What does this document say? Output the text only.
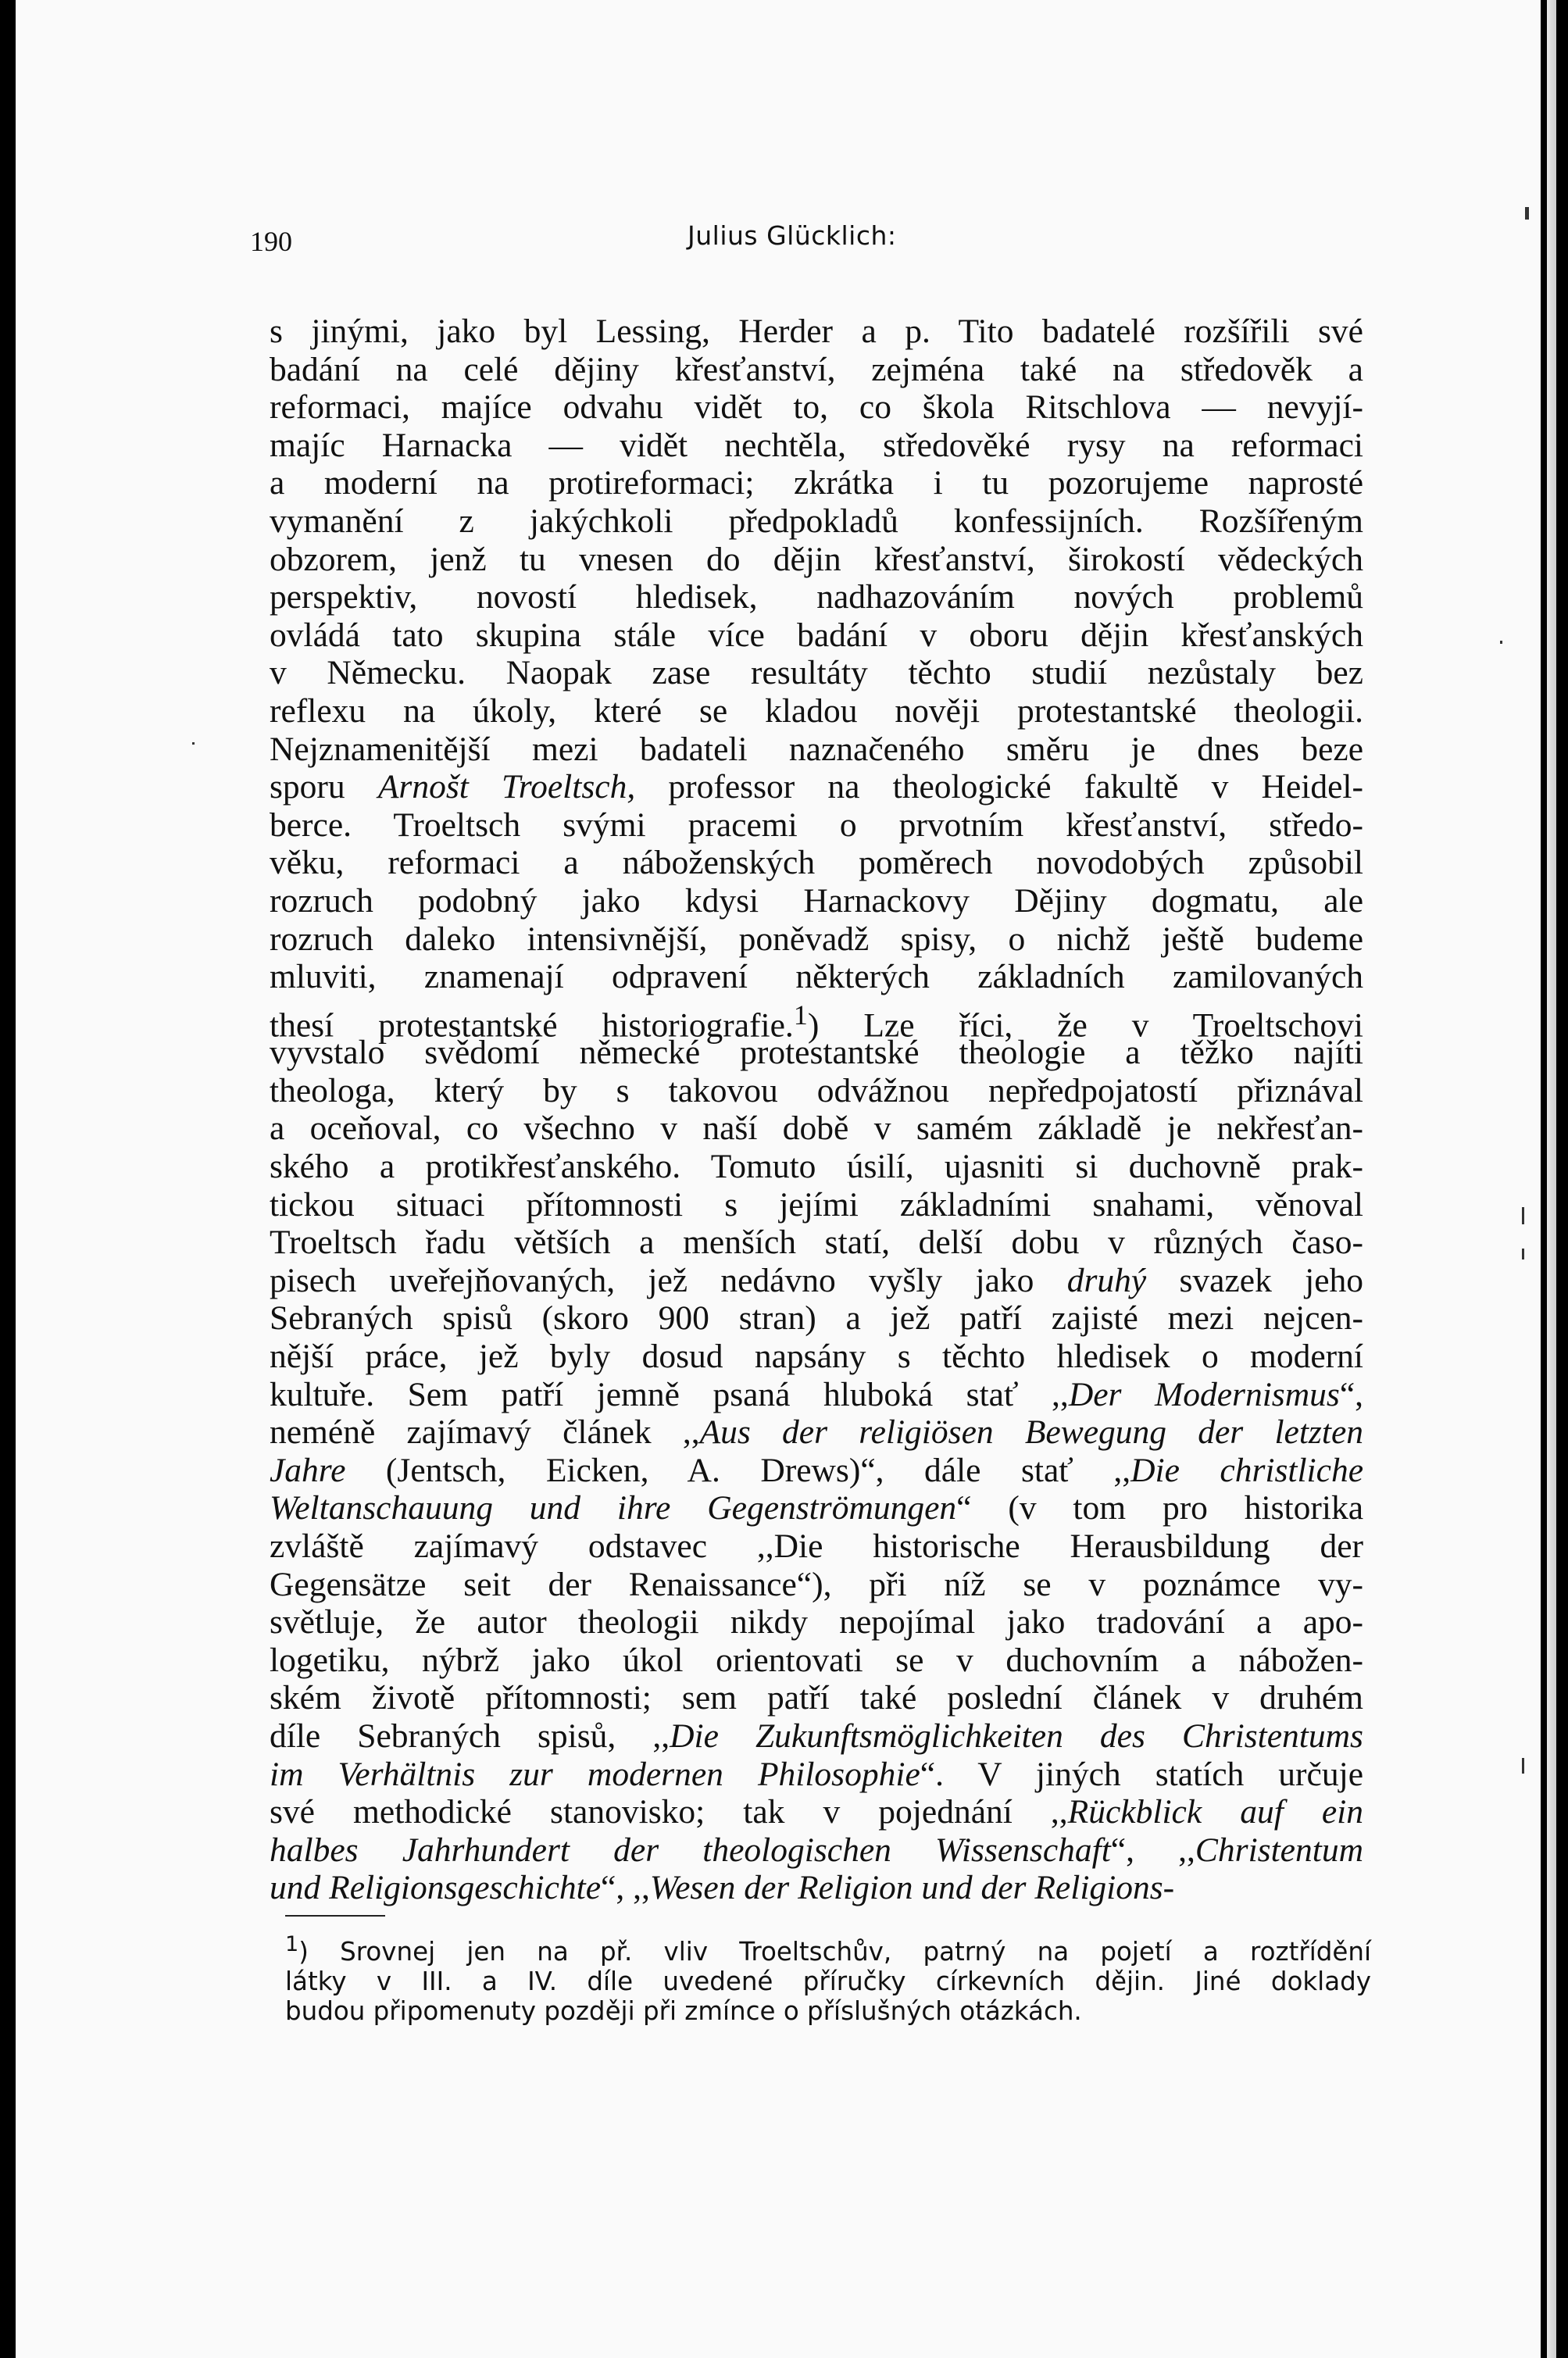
190	Julius Glücklich:
s jinými, jako byl Lessing, Herder a p. Tito badatelé rozšířili své
badání na celé dějiny křesťanství, zejména také na středověk a
reformaci, majíce odvahu vidět to, co škola Ritschlova — nevyjí-
majíc Harnacka — vidět nechtěla, středověké rysy na reformaci
a moderní na protireformaci; zkrátka i tu pozorujeme naprosté
vymanění z jakýchkoli předpokladů konfessijních. Rozšířeným
obzorem, jenž tu vnesen do dějin křesťanství, širokostí vědeckých
perspektiv, novostí hledisek, nadhazováním nových problemů
ovládá tato skupina stále více badání v oboru dějin křesťanských
v Německu. Naopak zase resultáty těchto studií nezůstaly bez
reflexu na úkoly, které se kladou nověji protestantské theologii.
Nejznamenitější mezi badateli naznačeného směru je dnes beze
sporu Arnošt Troeltsch, professor na theologické fakultě v Heidel-
berce. Troeltsch svými pracemi o prvotním křesťanství, středo-
věku, reformaci a náboženských poměrech novodobých způsobil
rozruch podobný jako kdysi Harnackovy Dějiny dogmatu, ale
rozruch daleko intensivnější, poněvadž spisy, o nichž ještě budeme
mluviti, znamenají odpravení některých základních zamilovaných
thesí protestantské historiografie.$^1$) Lze říci, že v Troeltschovi
vyvstalo svědomí německé protestantské theologie a těžko najíti
theologa, který by s takovou odvážnou nepředpojatostí přiznával
a oceňoval, co všechno v naší době v samém základě je nekřesťan-
ského a protikřesťanského. Tomuto úsilí, ujasniti si duchovně prak-
tickou situaci přítomnosti s jejími základními snahami, věnoval
Troeltsch řadu větších a menších statí, delší dobu v různých časo-
pisech uveřejňovaných, jež nedávno vyšly jako druhý svazek jeho
Sebraných spisů (skoro 900 stran) a jež patří zajisté mezi nejcen-
nější práce, jež byly dosud napsány s těchto hledisek o moderní
kultuře. Sem patří jemně psaná hluboká stať ,,Der Modernismus“,
neméně zajímavý článek ,,Aus der religiösen Bewegung der letzten
Jahre (Jentsch, Eicken, A. Drews)“, dále stať ,,Die christliche
Weltanschauung und ihre Gegenströmungen“ (v tom pro historika
zvláště zajímavý odstavec ,,Die historische Herausbildung der
Gegensätze seit der Renaissance“), při níž se v poznámce vy-
světluje, že autor theologii nikdy nepojímal jako tradování a apo-
logetiku, nýbrž jako úkol orientovati se v duchovním a nábožen-
ském životě přítomnosti; sem patří také poslední článek v druhém
díle Sebraných spisů, ,,Die Zukunftsmöglichkeiten des Christentums
im Verhältnis zur modernen Philosophie“. V jiných statích určuje
své methodické stanovisko; tak v pojednání ,,Rückblick auf ein
halbes Jahrhundert der theologischen Wissenschaft“, ,,Christentum
und Religionsgeschichte“, ,,Wesen der Religion und der Religions-
$^1$) Srovnej jen na př. vliv Troeltschův, patrný na pojetí a roztřídění
látky v III. a IV. díle uvedené příručky církevních dějin. Jiné doklady
budou připomenuty později při zmínce o příslušných otázkách.
